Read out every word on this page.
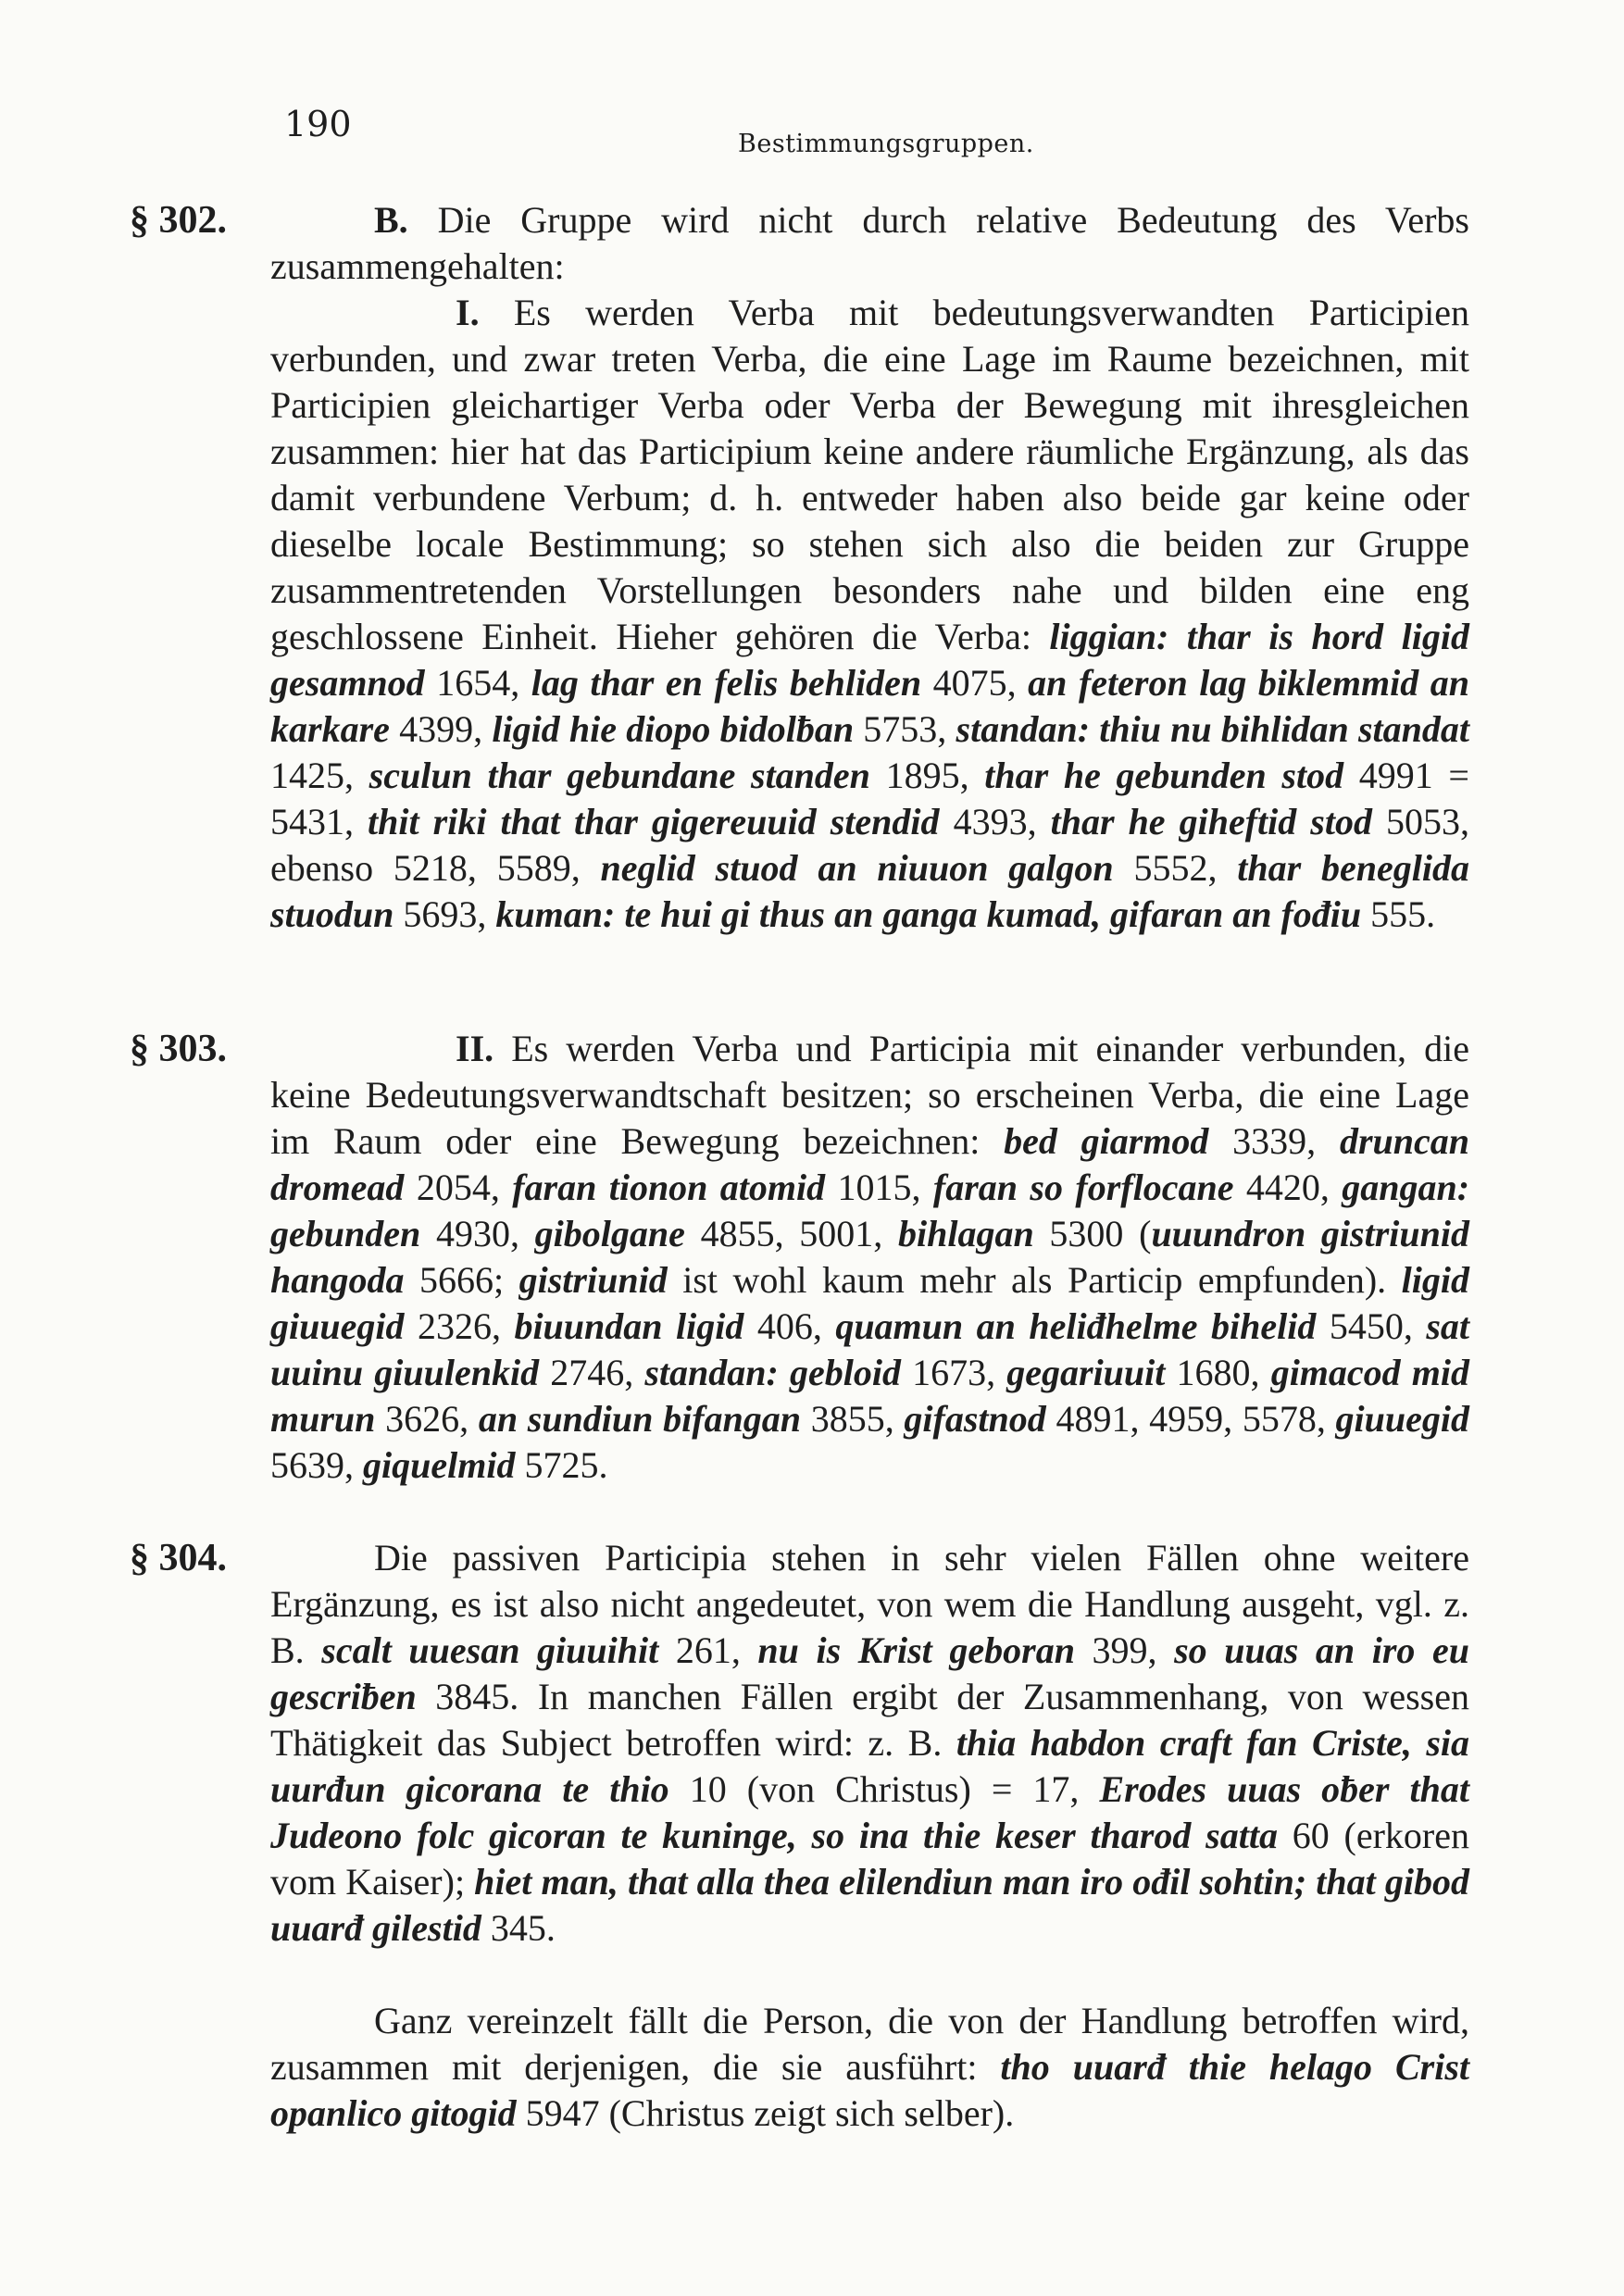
190	Bestimmungsgruppen.
§ 302.	B. Die Gruppe wird nicht durch relative Bedeutung des Verbs zusammengehalten:

I. Es werden Verba mit bedeutungsverwandten Participien verbunden, und zwar treten Verba, die eine Lage im Raume bezeichnen, mit Participien gleichartiger Verba oder Verba der Bewegung mit ihresgleichen zusammen: hier hat das Participium keine andere räumliche Ergänzung, als das damit verbundene Verbum; d. h. entweder haben also beide gar keine oder dieselbe locale Bestimmung; so stehen sich also die beiden zur Gruppe zusammentretenden Vorstellungen besonders nahe und bilden eine eng geschlossene Einheit. Hieher gehören die Verba: liggian: thar is hord ligid gesamnod 1654, lag thar en felis behliden 4075, an feteron lag biklemmid an karkare 4399, ligid hie diopo bidolƀan 5753, standan: thiu nu bihlidan standat 1425, sculun thar gebundane standen 1895, thar he gebunden stod 4991 = 5431, thit riki that thar gigereuuid stendid 4393, thar he giheftid stod 5053, ebenso 5218, 5589, neglid stuod an niuuon galgon 5552, thar beneglida stuodun 5693, kuman: te hui gi thus an ganga kumad, gifaran an fođiu 555.

§ 303.	II. Es werden Verba und Participia mit einander verbunden, die keine Bedeutungsverwandtschaft besitzen; so erscheinen Verba, die eine Lage im Raum oder eine Bewegung bezeichnen: bed giarmod 3339, druncan dromead 2054, faran tionon atomid 1015, faran so forflocane 4420, gangan: gebunden 4930, gibolgane 4855, 5001, bihlagan 5300 (uuundron gistriunid hangoda 5666; gistriunid ist wohl kaum mehr als Particip empfunden). ligid giuuegid 2326, biuundan ligid 406, quamun an heliđhelme bihelid 5450, sat uuinu giuulenkid 2746, standan: gebloid 1673, gegariuuit 1680, gimacod mid murun 3626, an sundiun bifangan 3855, gifastnod 4891, 4959, 5578, giuuegid 5639, giquelmid 5725.

§ 304.	Die passiven Participia stehen in sehr vielen Fällen ohne weitere Ergänzung, es ist also nicht angedeutet, von wem die Handlung ausgeht, vgl. z. B. scalt uuesan giuuihit 261, nu is Krist geboran 399, so uuas an iro eu gescriƀen 3845. In manchen Fällen ergibt der Zusammenhang, von wessen Thätigkeit das Subject betroffen wird: z. B. thia habdon craft fan Criste, sia uurđun gicorana te thio 10 (von Christus) = 17, Erodes uuas oƀer that Judeono folc gicoran te kuninge, so ina thie keser tharod satta 60 (erkoren vom Kaiser); hiet man, that alla thea elilendiun man iro ođil sohtin; that gibod uuarđ gilestid 345.

Ganz vereinzelt fällt die Person, die von der Handlung betroffen wird, zusammen mit derjenigen, die sie ausführt: tho uuarđ thie helago Crist opanlico gitogid 5947 (Christus zeigt sich selber).
